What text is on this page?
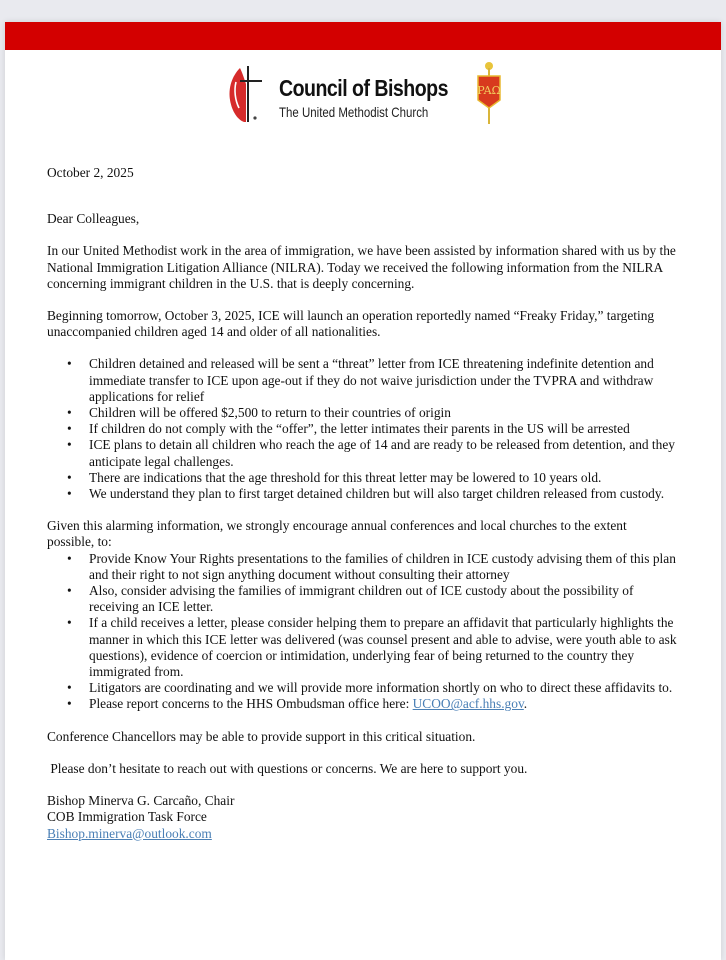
Council of Bishops
The United Methodist Church
PAΩ

October 2, 2025

Dear Colleagues,

In our United Methodist work in the area of immigration, we have been assisted by information shared with us by the National Immigration Litigation Alliance (NILRA). Today we received the following information from the NILRA concerning immigrant children in the U.S. that is deeply concerning.

Beginning tomorrow, October 3, 2025, ICE will launch an operation reportedly named “Freaky Friday,” targeting unaccompanied children aged 14 and older of all nationalities.

• Children detained and released will be sent a “threat” letter from ICE threatening indefinite detention and immediate transfer to ICE upon age-out if they do not waive jurisdiction under the TVPRA and withdraw applications for relief
• Children will be offered $2,500 to return to their countries of origin
• If children do not comply with the “offer”, the letter intimates their parents in the US will be arrested
• ICE plans to detain all children who reach the age of 14 and are ready to be released from detention, and they anticipate legal challenges.
• There are indications that the age threshold for this threat letter may be lowered to 10 years old.
• We understand they plan to first target detained children but will also target children released from custody.

Given this alarming information, we strongly encourage annual conferences and local churches to the extent possible, to:

• Provide Know Your Rights presentations to the families of children in ICE custody advising them of this plan and their right to not sign anything document without consulting their attorney
• Also, consider advising the families of immigrant children out of ICE custody about the possibility of receiving an ICE letter.
• If a child receives a letter, please consider helping them to prepare an affidavit that particularly highlights the manner in which this ICE letter was delivered (was counsel present and able to advise, were youth able to ask questions), evidence of coercion or intimidation, underlying fear of being returned to the country they immigrated from.
• Litigators are coordinating and we will provide more information shortly on who to direct these affidavits to.
• Please report concerns to the HHS Ombudsman office here: UCOO@acf.hhs.gov.

Conference Chancellors may be able to provide support in this critical situation.

Please don’t hesitate to reach out with questions or concerns. We are here to support you.

Bishop Minerva G. Carcaño, Chair

COB Immigration Task Force

Bishop.minerva@outlook.com
